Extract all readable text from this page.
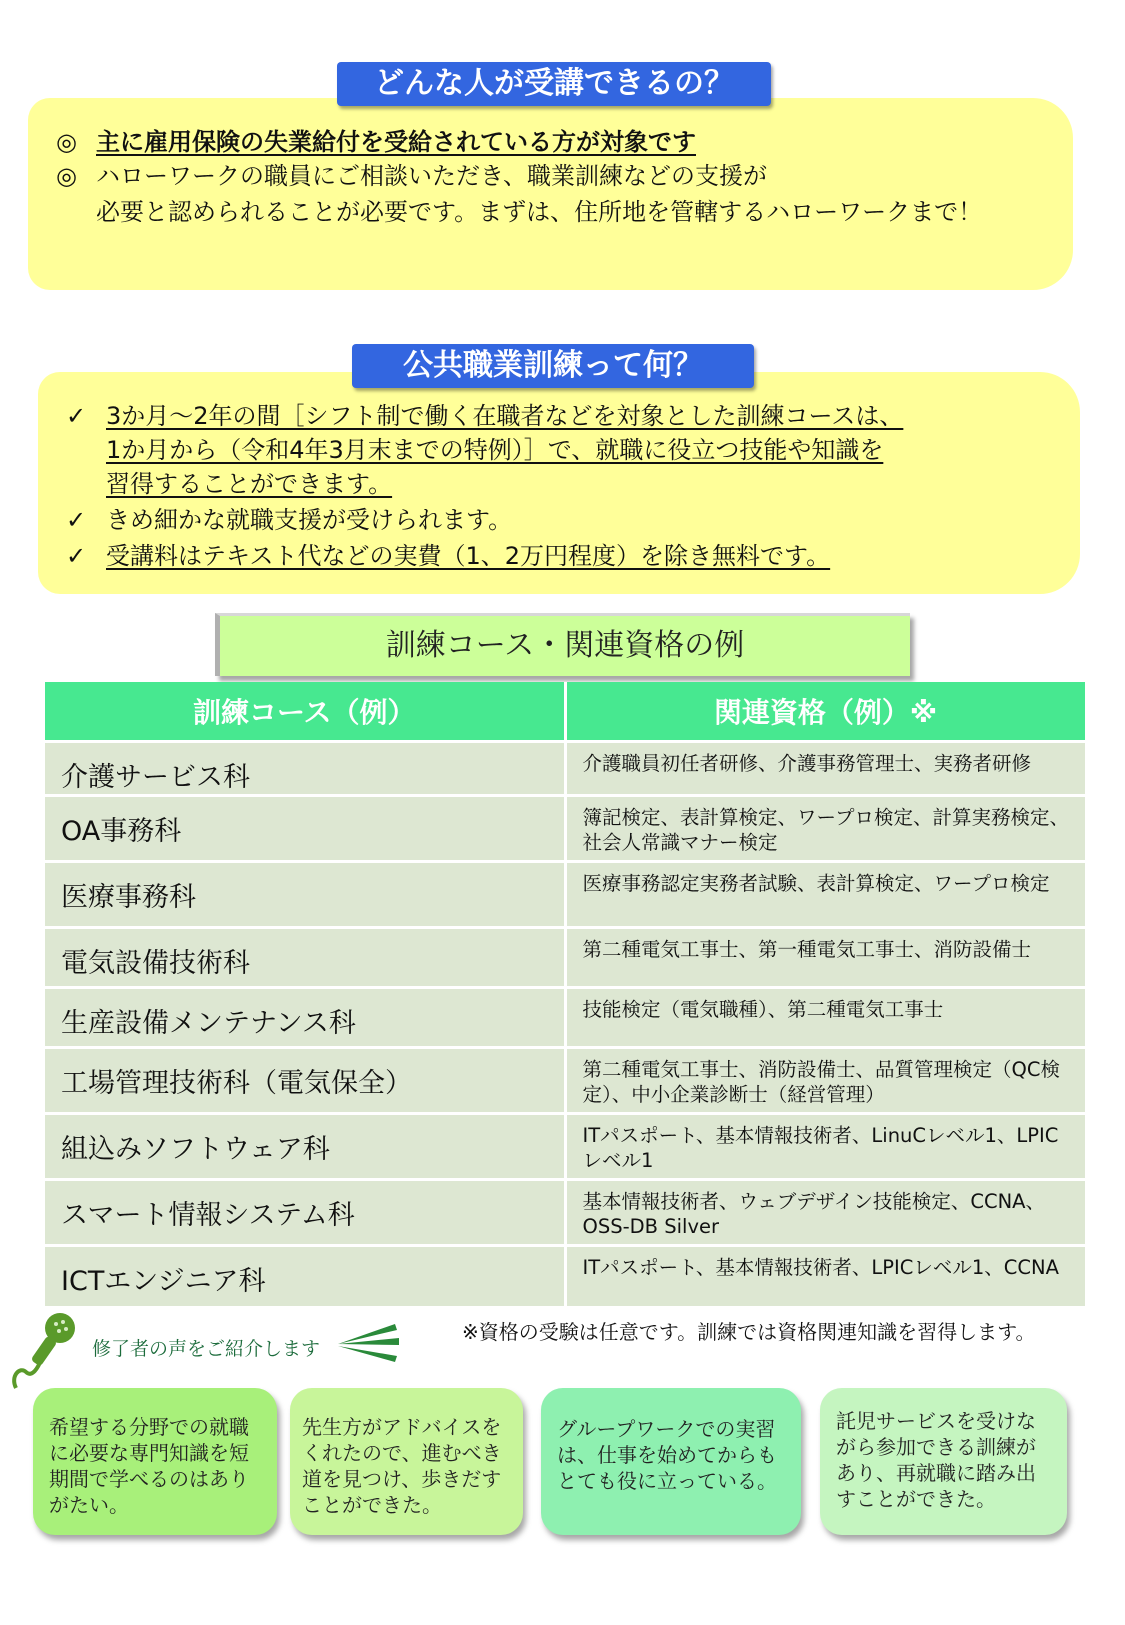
どんな人が受講できるの？
◎ 主に雇用保険の失業給付を受給されている方が対象です
◎ ハローワークの職員にご相談いただき、職業訓練などの支援が
必要と認められることが必要です。まずは、住所地を管轄するハローワークまで！
公共職業訓練って何？
✓ 3か月～2年の間［シフト制で働く在職者などを対象とした訓練コースは、
1か月から（令和4年3月末までの特例）］で、就職に役立つ技能や知識を
習得することができます。
✓ きめ細かな就職支援が受けられます。
✓ 受講料はテキスト代などの実費（1、2万円程度）を除き無料です。
訓練コース・関連資格の例
訓練コース（例）	関連資格（例）※
介護サービス科	介護職員初任者研修、介護事務管理士、実務者研修
OA事務科	簿記検定、表計算検定、ワープロ検定、計算実務検定、社会人常識マナー検定
医療事務科	医療事務認定実務者試験、表計算検定、ワープロ検定
電気設備技術科	第二種電気工事士、第一種電気工事士、消防設備士
生産設備メンテナンス科	技能検定（電気職種）、第二種電気工事士
工場管理技術科（電気保全）	第二種電気工事士、消防設備士、品質管理検定（QC検定）、中小企業診断士（経営管理）
組込みソフトウェア科	ITパスポート、基本情報技術者、LinuCレベル1、LPICレベル1
スマート情報システム科	基本情報技術者、ウェブデザイン技能検定、CCNA、OSS-DB Silver
ICTエンジニア科	ITパスポート、基本情報技術者、LPICレベル1、CCNA
※資格の受験は任意です。訓練では資格関連知識を習得します。
修了者の声をご紹介します
希望する分野での就職に必要な専門知識を短期間で学べるのはありがたい。
先生方がアドバイスをくれたので、進むべき道を見つけ、歩きだすことができた。
グループワークでの実習は、仕事を始めてからもとても役に立っている。
託児サービスを受けながら参加できる訓練があり、再就職に踏み出すことができた。
